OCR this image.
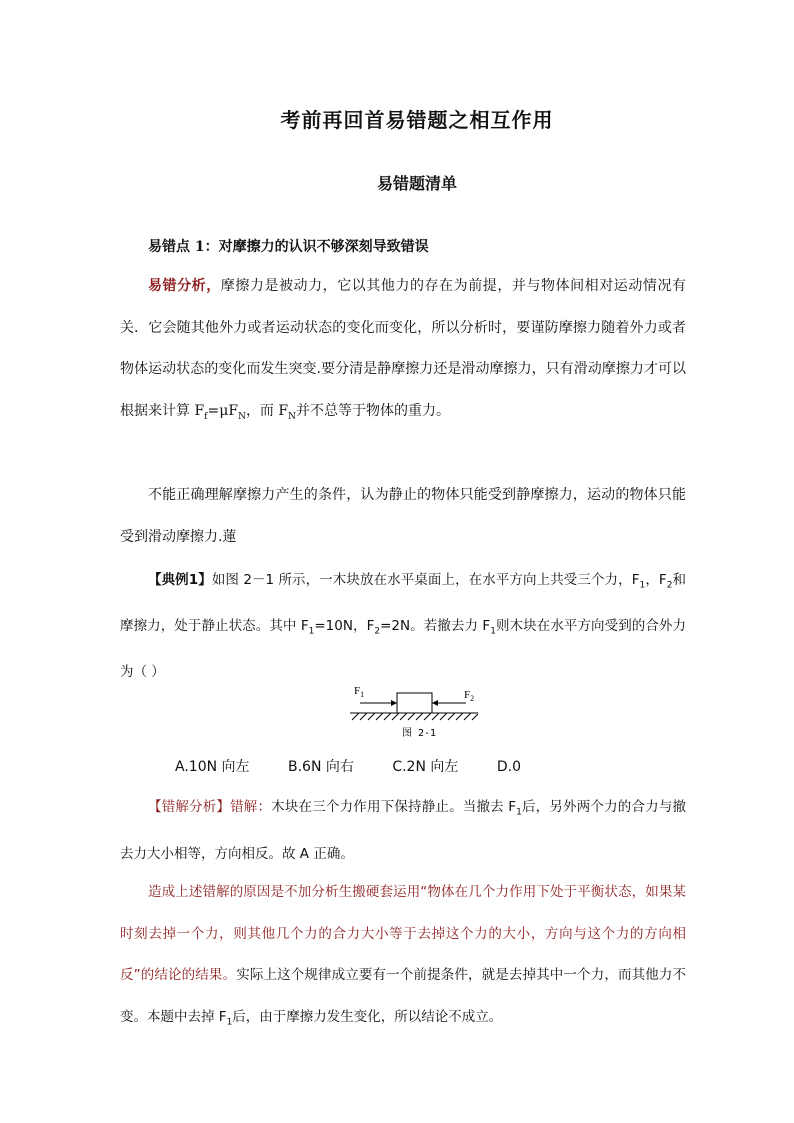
考前再回首易错题之相互作用
易错题清单
易错点 1：对摩擦力的认识不够深刻导致错误

易错分析，摩擦力是被动力，它以其他力的存在为前提，并与物体间相对运动情况有关．它会随其他外力或者运动状态的变化而变化，所以分析时，要谨防摩擦力随着外力或者物体运动状态的变化而发生突变.要分清是静摩擦力还是滑动摩擦力，只有滑动摩擦力才可以根据来计算 $F_f=\mu F_N$，而 $F_N$并不总等于物体的重力。

不能正确理解摩擦力产生的条件，认为静止的物体只能受到静摩擦力，运动的物体只能受到滑动摩擦力.蓮

【典例1】如图 2－1 所示，一木块放在水平桌面上，在水平方向上共受三个力，$F_1$，$F_2$和摩擦力，处于静止状态。其中 $F_1=10N$，$F_2=2N$。若撤去力 $F_1$则木块在水平方向受到的合外力为（ ）

$F_1$	$F_2$
图 2-1
A.10N 向左	B.6N 向右	C.2N 向左	D.0

【错解分析】错解：木块在三个力作用下保持静止。当撤去 $F_1$后，另外两个力的合力与撤去力大小相等，方向相反。故 A 正确。

造成上述错解的原因是不加分析生搬硬套运用“物体在几个力作用下处于平衡状态，如果某时刻去掉一个力，则其他几个力的合力大小等于去掉这个力的大小，方向与这个力的方向相反”的结论的结果。实际上这个规律成立要有一个前提条件，就是去掉其中一个力，而其他力不变。本题中去掉 $F_1$后，由于摩擦力发生变化，所以结论不成立。
